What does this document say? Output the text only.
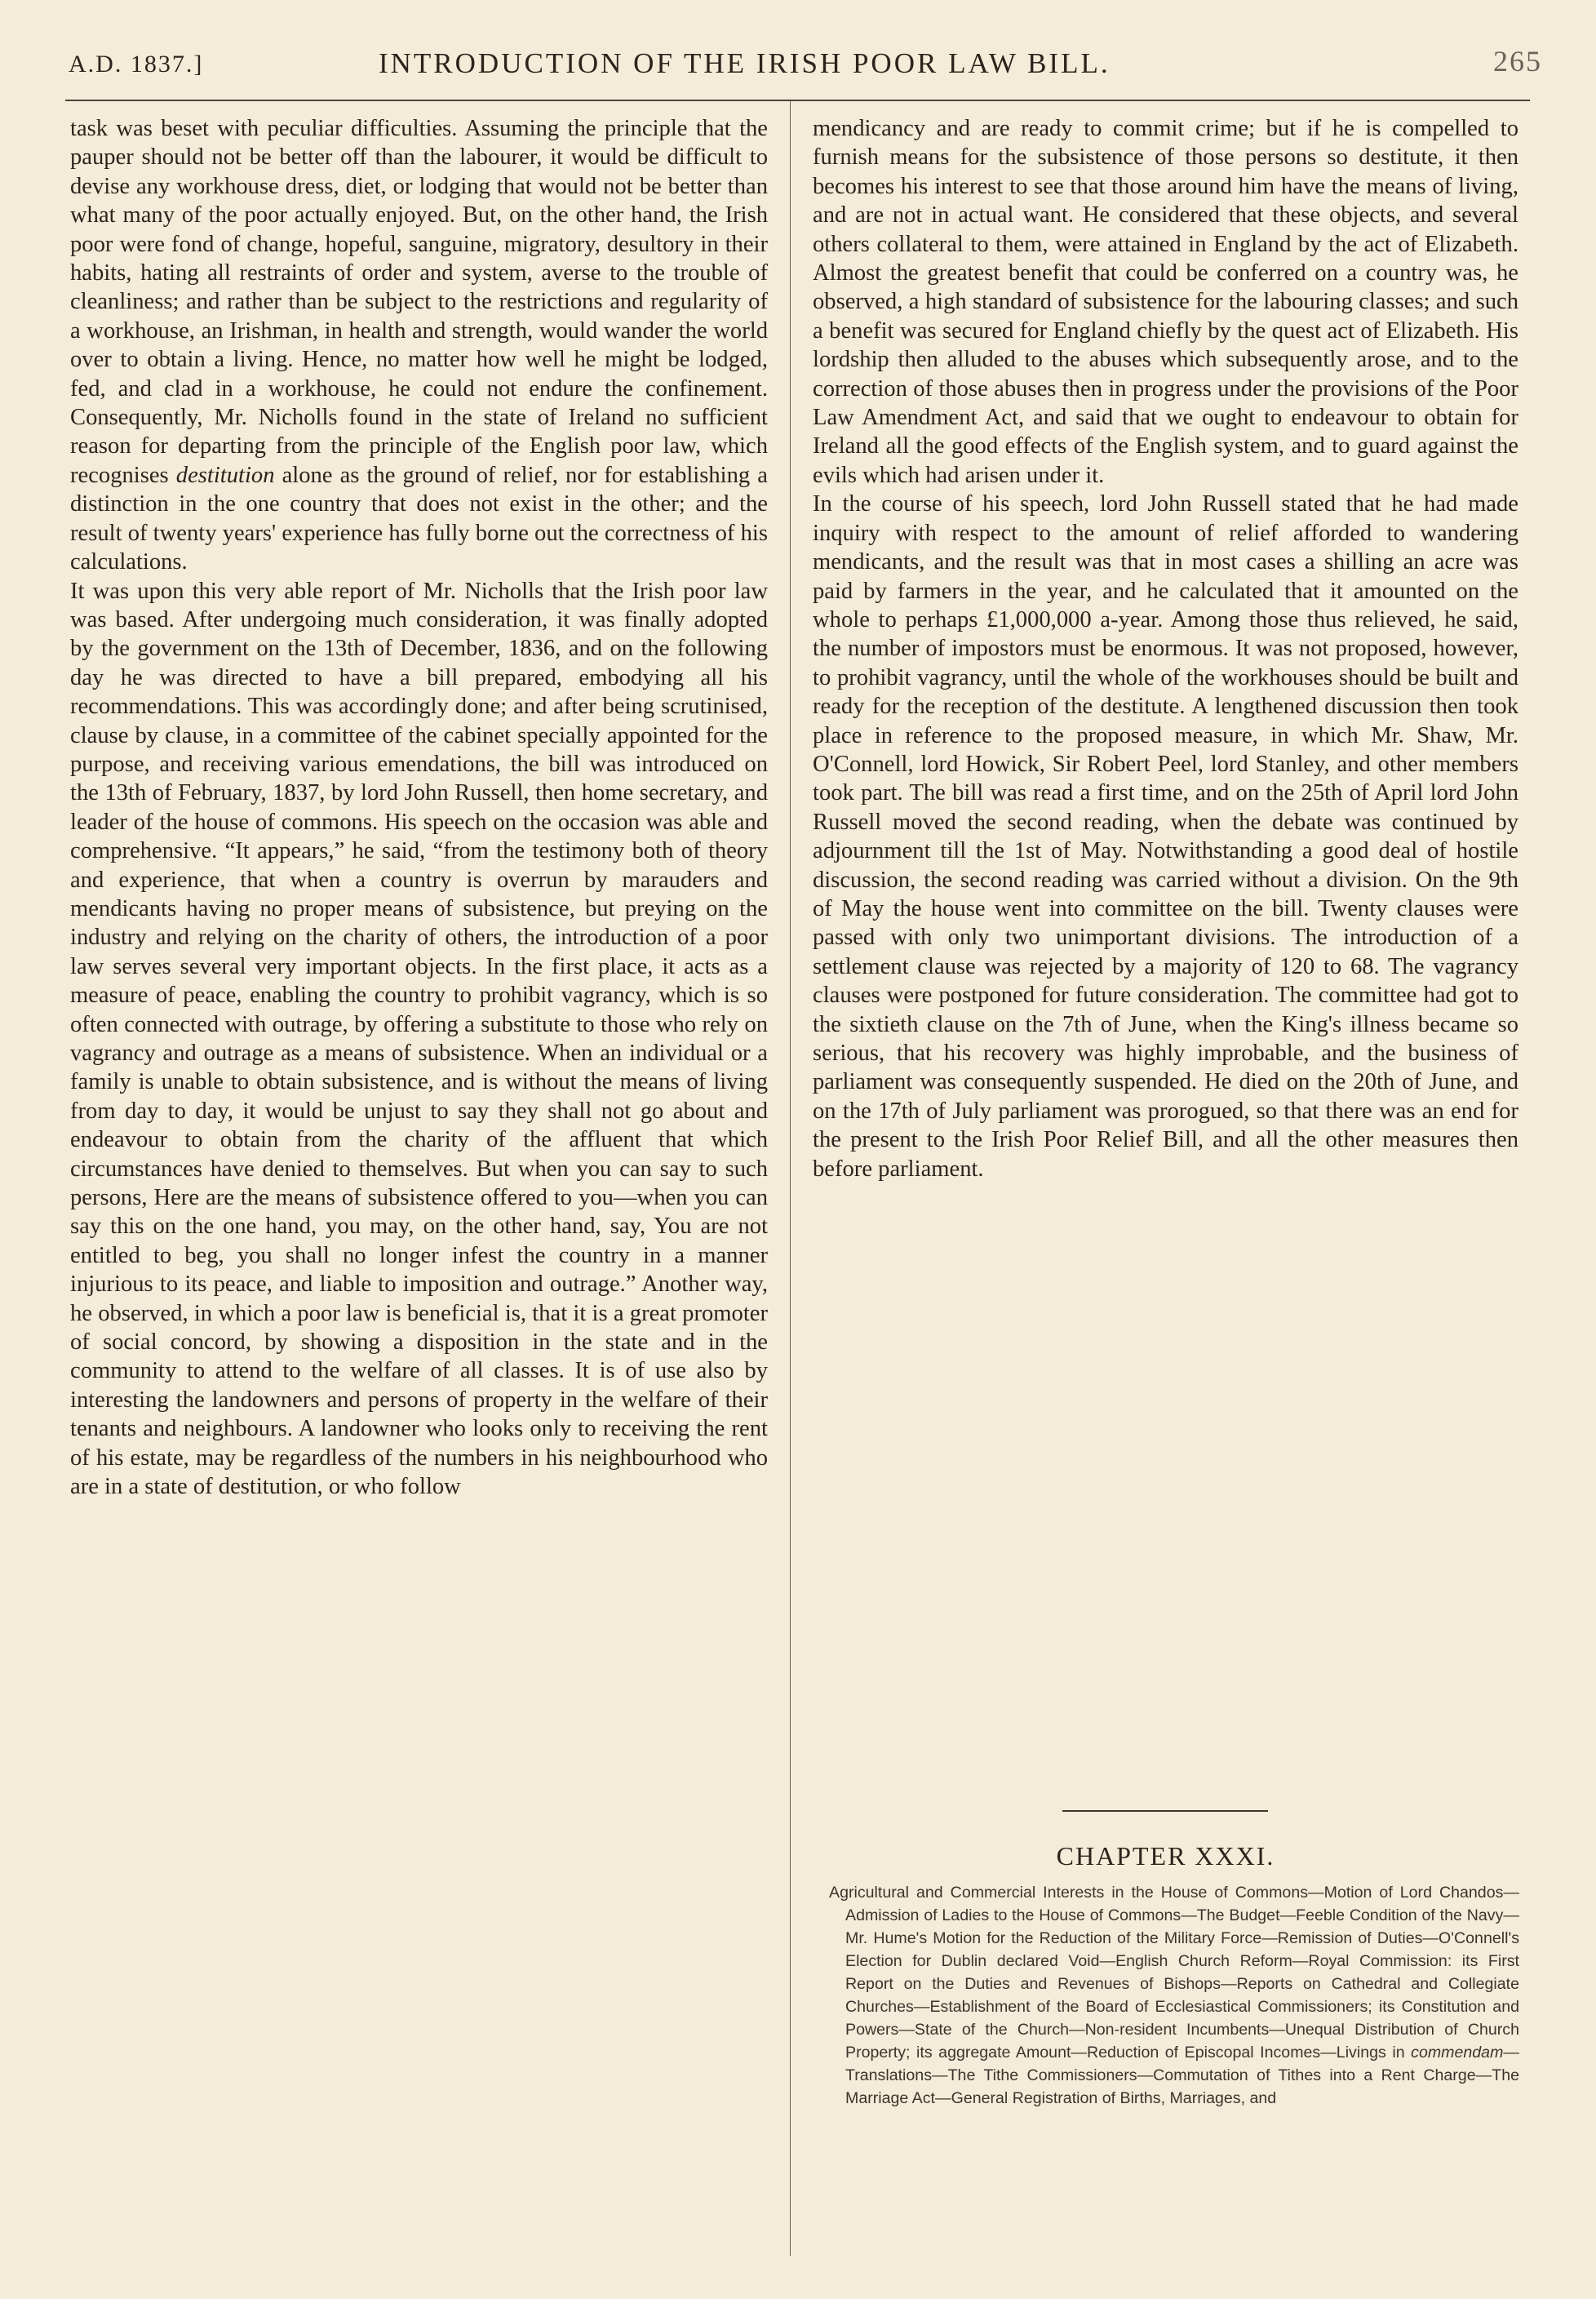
A.D. 1837.]	INTRODUCTION OF THE IRISH POOR LAW BILL.	265

task was beset with peculiar difficulties. Assuming the principle that the pauper should not be better off than the labourer, it would be difficult to devise any workhouse dress, diet, or lodging that would not be better than what many of the poor actually enjoyed. But, on the other hand, the Irish poor were fond of change, hopeful, sanguine, migratory, desultory in their habits, hating all restraints of order and system, averse to the trouble of cleanliness; and rather than be subject to the restrictions and regularity of a workhouse, an Irishman, in health and strength, would wander the world over to obtain a living. Hence, no matter how well he might be lodged, fed, and clad in a workhouse, he could not endure the confinement. Consequently, Mr. Nicholls found in the state of Ireland no sufficient reason for departing from the principle of the English poor law, which recognises destitution alone as the ground of relief, nor for establishing a distinction in the one country that does not exist in the other; and the result of twenty years' experience has fully borne out the correctness of his calculations.

It was upon this very able report of Mr. Nicholls that the Irish poor law was based. After undergoing much consideration, it was finally adopted by the government on the 13th of December, 1836, and on the following day he was directed to have a bill prepared, embodying all his recommendations. This was accordingly done; and after being scrutinised, clause by clause, in a committee of the cabinet specially appointed for the purpose, and receiving various emendations, the bill was introduced on the 13th of February, 1837, by lord John Russell, then home secretary, and leader of the house of commons. His speech on the occasion was able and comprehensive. “It appears,” he said, “from the testimony both of theory and experience, that when a country is overrun by marauders and mendicants having no proper means of subsistence, but preying on the industry and relying on the charity of others, the introduction of a poor law serves several very important objects. In the first place, it acts as a measure of peace, enabling the country to prohibit vagrancy, which is so often connected with outrage, by offering a substitute to those who rely on vagrancy and outrage as a means of subsistence. When an individual or a family is unable to obtain subsistence, and is without the means of living from day to day, it would be unjust to say they shall not go about and endeavour to obtain from the charity of the affluent that which circumstances have denied to themselves. But when you can say to such persons, Here are the means of subsistence offered to you—when you can say this on the one hand, you may, on the other hand, say, You are not entitled to beg, you shall no longer infest the country in a manner injurious to its peace, and liable to imposition and outrage.” Another way, he observed, in which a poor law is beneficial is, that it is a great promoter of social concord, by showing a disposition in the state and in the community to attend to the welfare of all classes. It is of use also by interesting the landowners and persons of property in the welfare of their tenants and neighbours. A landowner who looks only to receiving the rent of his estate, may be regardless of the numbers in his neighbourhood who are in a state of destitution, or who follow

mendicancy and are ready to commit crime; but if he is compelled to furnish means for the subsistence of those persons so destitute, it then becomes his interest to see that those around him have the means of living, and are not in actual want. He considered that these objects, and several others collateral to them, were attained in England by the act of Elizabeth. Almost the greatest benefit that could be conferred on a country was, he observed, a high standard of subsistence for the labouring classes; and such a benefit was secured for England chiefly by the quest act of Elizabeth. His lordship then alluded to the abuses which subsequently arose, and to the correction of those abuses then in progress under the provisions of the Poor Law Amendment Act, and said that we ought to endeavour to obtain for Ireland all the good effects of the English system, and to guard against the evils which had arisen under it.

In the course of his speech, lord John Russell stated that he had made inquiry with respect to the amount of relief afforded to wandering mendicants, and the result was that in most cases a shilling an acre was paid by farmers in the year, and he calculated that it amounted on the whole to perhaps £1,000,000 a-year. Among those thus relieved, he said, the number of impostors must be enormous. It was not proposed, however, to prohibit vagrancy, until the whole of the workhouses should be built and ready for the reception of the destitute. A lengthened discussion then took place in reference to the proposed measure, in which Mr. Shaw, Mr. O'Connell, lord Howick, Sir Robert Peel, lord Stanley, and other members took part. The bill was read a first time, and on the 25th of April lord John Russell moved the second reading, when the debate was continued by adjournment till the 1st of May. Notwithstanding a good deal of hostile discussion, the second reading was carried without a division. On the 9th of May the house went into committee on the bill. Twenty clauses were passed with only two unimportant divisions. The introduction of a settlement clause was rejected by a majority of 120 to 68. The vagrancy clauses were postponed for future consideration. The committee had got to the sixtieth clause on the 7th of June, when the King's illness became so serious, that his recovery was highly improbable, and the business of parliament was consequently suspended. He died on the 20th of June, and on the 17th of July parliament was prorogued, so that there was an end for the present to the Irish Poor Relief Bill, and all the other measures then before parliament.

CHAPTER XXXI.

Agricultural and Commercial Interests in the House of Commons—Motion of Lord Chandos—Admission of Ladies to the House of Commons—The Budget—Feeble Condition of the Navy—Mr. Hume's Motion for the Reduction of the Military Force—Remission of Duties—O'Connell's Election for Dublin declared Void—English Church Reform—Royal Commission: its First Report on the Duties and Revenues of Bishops—Reports on Cathedral and Collegiate Churches—Establishment of the Board of Ecclesiastical Commissioners; its Constitution and Powers—State of the Church—Non-resident Incumbents—Unequal Distribution of Church Property; its aggregate Amount—Reduction of Episcopal Incomes—Livings in commendam—Translations—The Tithe Commissioners—Commutation of Tithes into a Rent Charge—The Marriage Act—General Registration of Births, Marriages, and
